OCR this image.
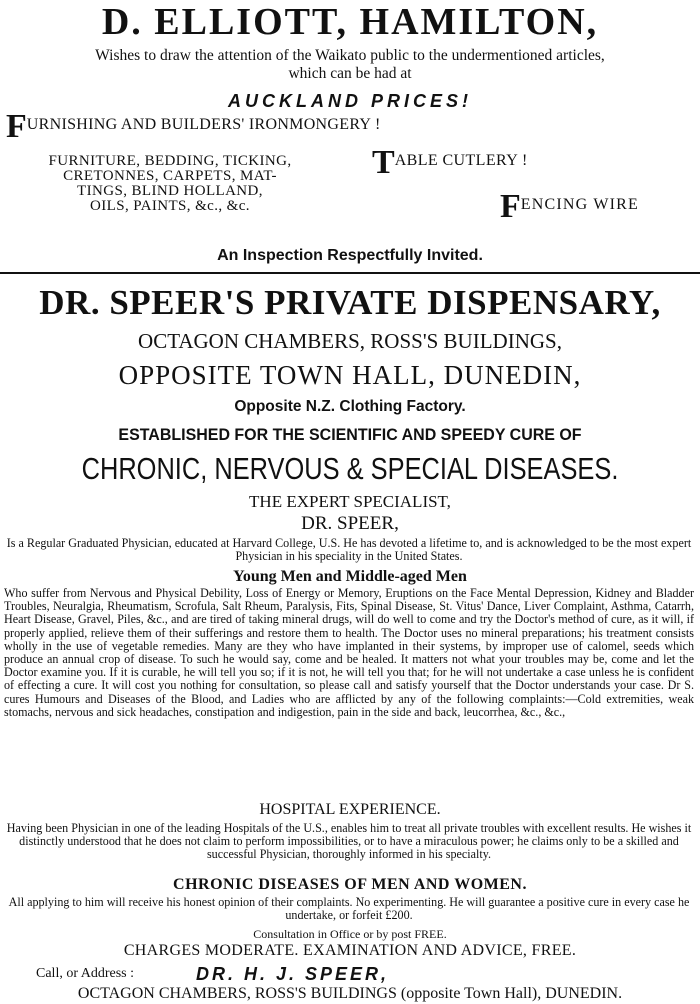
D. ELLIOTT, HAMILTON,
Wishes to draw the attention of the Waikato public to the undermentioned articles,
which can be had at
AUCKLAND PRICES!
FURNISHING AND BUILDERS' IRONMONGERY !
FURNITURE, BEDDING, TICKING,
CRETONNES, CARPETS, MAT-
TINGS, BLIND HOLLAND,
OILS, PAINTS, &c., &c.
TABLE CUTLERY !
FENCING WIRE
An Inspection Respectfully Invited.
DR. SPEER'S PRIVATE DISPENSARY,
OCTAGON CHAMBERS, ROSS'S BUILDINGS,
OPPOSITE TOWN HALL, DUNEDIN,
Opposite N.Z. Clothing Factory.
ESTABLISHED FOR THE SCIENTIFIC AND SPEEDY CURE OF
CHRONIC, NERVOUS & SPECIAL DISEASES.
THE EXPERT SPECIALIST,
DR. SPEER,
Is a Regular Graduated Physician, educated at Harvard College, U.S. He has devoted a lifetime to, and is acknowledged to be the most expert Physician in his speciality in the United States.
Young Men and Middle-aged Men
Who suffer from Nervous and Physical Debility, Loss of Energy or Memory, Eruptions on the Face Mental Depression, Kidney and Bladder Troubles, Neuralgia, Rheumatism, Scrofula, Salt Rheum, Paralysis, Fits, Spinal Disease, St. Vitus' Dance, Liver Complaint, Asthma, Catarrh, Heart Disease, Gravel, Piles, &c., and are tired of taking mineral drugs, will do well to come and try the Doctor's method of cure, as it will, if properly applied, relieve them of their sufferings and restore them to health. The Doctor uses no mineral preparations; his treatment consists wholly in the use of vegetable remedies. Many are they who have implanted in their systems, by improper use of calomel, seeds which produce an annual crop of disease. To such he would say, come and be healed. It matters not what your troubles may be, come and let the Doctor examine you. If it is curable, he will tell you so; if it is not, he will tell you that; for he will not undertake a case unless he is confident of effecting a cure. It will cost you nothing for consultation, so please call and satisfy yourself that the Doctor understands your case. Dr S. cures Humours and Diseases of the Blood, and Ladies who are afflicted by any of the following complaints:—Cold extremities, weak stomachs, nervous and sick headaches, constipation and indigestion, pain in the side and back, leucorrhea, &c., &c.,
HOSPITAL EXPERIENCE.
Having been Physician in one of the leading Hospitals of the U.S., enables him to treat all private troubles with excellent results. He wishes it distinctly understood that he does not claim to perform impossibilities, or to have a miraculous power; he claims only to be a skilled and successful Physician, thoroughly informed in his specialty.
CHRONIC DISEASES OF MEN AND WOMEN.
All applying to him will receive his honest opinion of their complaints. No experimenting. He will guarantee a positive cure in every case he undertake, or forfeit £200.
Consultation in Office or by post FREE.
CHARGES MODERATE. EXAMINATION AND ADVICE, FREE.
Call, or Address :	DR. H. J. SPEER,
OCTAGON CHAMBERS, ROSS'S BUILDINGS (opposite Town Hall), DUNEDIN.
